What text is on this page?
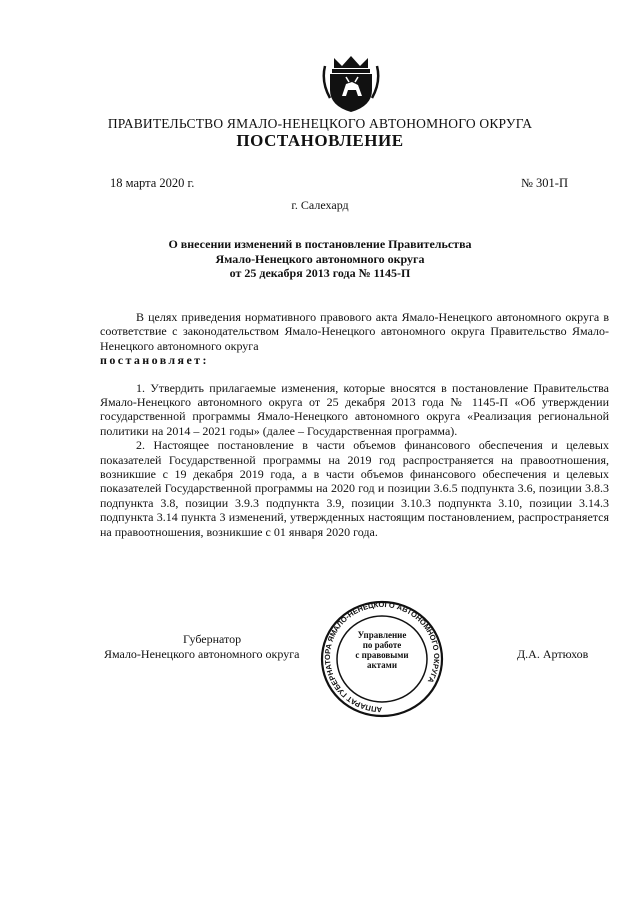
ПРАВИТЕЛЬСТВО ЯМАЛО-НЕНЕЦКОГО АВТОНОМНОГО ОКРУГА
ПОСТАНОВЛЕНИЕ
18 марта 2020 г.	№ 301-П
г. Салехард
О внесении изменений в постановление Правительства
Ямало-Ненецкого автономного округа
от 25 декабря 2013 года № 1145-П

В целях приведения нормативного правового акта Ямало-Ненецкого автономного округа в соответствие с законодательством Ямало-Ненецкого автономного округа Правительство Ямало-Ненецкого автономного округа

постановляет:

1. Утвердить прилагаемые изменения, которые вносятся в постановление Правительства Ямало-Ненецкого автономного округа от 25 декабря 2013 года № 1145-П «Об утверждении государственной программы Ямало-Ненецкого автономного округа «Реализация региональной политики на 2014 – 2021 годы» (далее – Государственная программа).

2. Настоящее постановление в части объемов финансового обеспечения и целевых показателей Государственной программы на 2019 год распространяется на правоотношения, возникшие с 19 декабря 2019 года, а в части объемов финансового обеспечения и целевых показателей Государственной программы на 2020 год и позиции 3.6.5 подпункта 3.6, позиции 3.8.3 подпункта 3.8, позиции 3.9.3 подпункта 3.9, позиции 3.10.3 подпункта 3.10, позиции 3.14.3 подпункта 3.14 пункта 3 изменений, утвержденных настоящим постановлением, распространяется на правоотношения, возникшие с 01 января 2020 года.

АППАРАТ ГУБЕРНАТОРА ЯМАЛО-НЕНЕЦКОГО АВТОНОМНОГО ОКРУГА
Управление
по работе
с правовыми
актами
Губернатор
Ямало-Ненецкого автономного округа	Д.А. Артюхов
